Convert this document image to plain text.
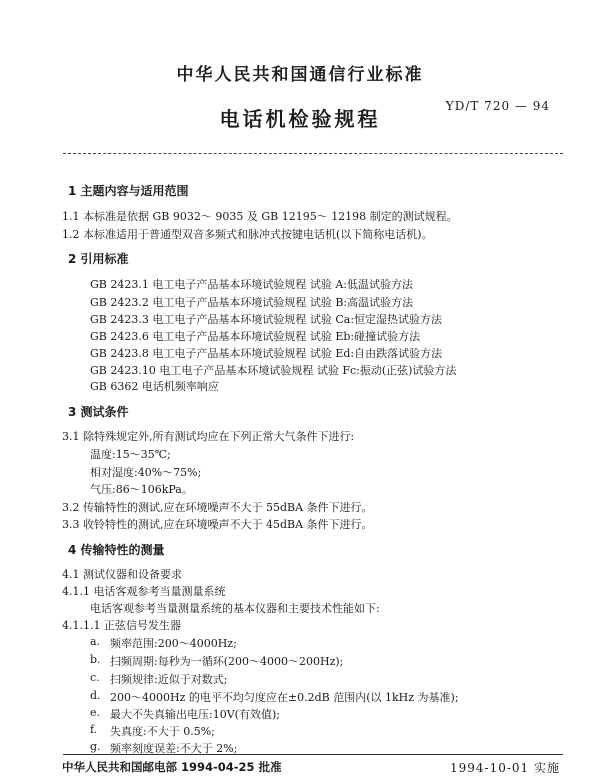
中华人民共和国通信行业标准
电话机检验规程
YD/T 720 — 94
1 主题内容与适用范围
1.1 本标准是依据 GB 9032～ 9035 及 GB 12195～ 12198 制定的测试规程。
1.2 本标准适用于普通型双音多频式和脉冲式按键电话机(以下简称电话机)。
2 引用标准
GB 2423.1 电工电子产品基本环境试验规程 试验 A:低温试验方法
GB 2423.2 电工电子产品基本环境试验规程 试验 B:高温试验方法
GB 2423.3 电工电子产品基本环境试验规程 试验 Ca:恒定湿热试验方法
GB 2423.6 电工电子产品基本环境试验规程 试验 Eb:碰撞试验方法
GB 2423.8 电工电子产品基本环境试验规程 试验 Ed:自由跌落试验方法
GB 2423.10 电工电子产品基本环境试验规程 试验 Fc:振动(正弦)试验方法
GB 6362 电话机频率响应
3 测试条件
3.1 除特殊规定外,所有测试均应在下列正常大气条件下进行:
温度:15～35℃;
相对湿度:40%～75%;
气压:86～106kPa。
3.2 传输特性的测试,应在环境噪声不大于 55dBA 条件下进行。
3.3 收铃特性的测试,应在环境噪声不大于 45dBA 条件下进行。
4 传输特性的测量
4.1 测试仪器和设备要求
4.1.1 电话客观参考当量测量系统
电话客观参考当量测量系统的基本仪器和主要技术性能如下:
4.1.1.1 正弦信号发生器
a. 频率范围:200～4000Hz;
b. 扫频周期:每秒为一循环(200～4000～200Hz);
c. 扫频规律:近似于对数式;
d. 200～4000Hz 的电平不均匀度应在±0.2dB 范围内(以 1kHz 为基准);
e. 最大不失真输出电压:10V(有效值);
f. 失真度:不大于 0.5%;
g. 频率刻度误差:不大于 2%;
中华人民共和国邮电部 1994-04-25 批准	1994-10-01 实施
